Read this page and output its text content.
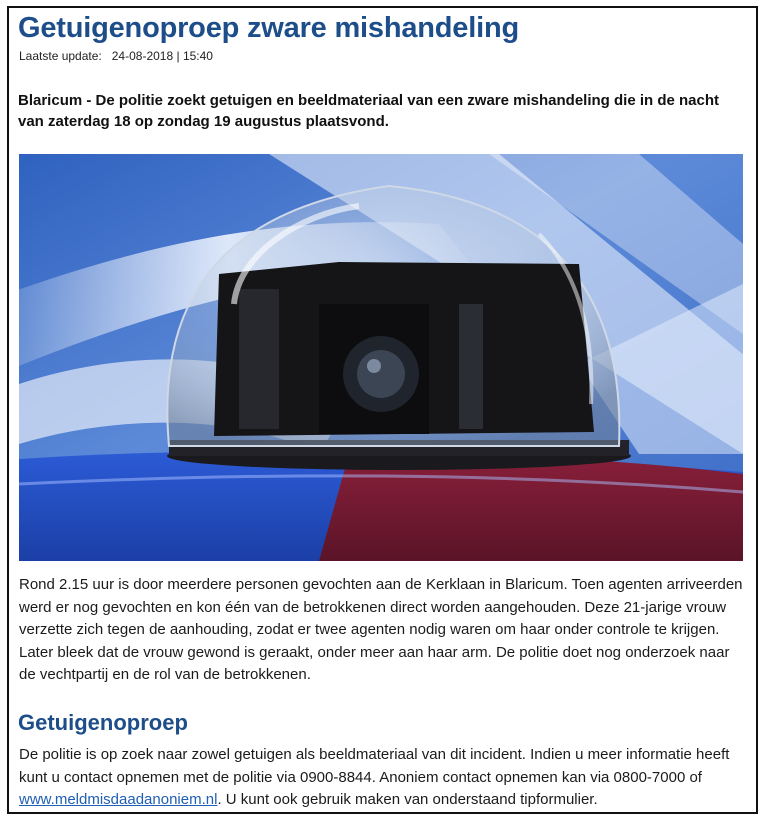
Getuigenoproep zware mishandeling
Laatste update: 24-08-2018 | 15:40

Blaricum - De politie zoekt getuigen en beeldmateriaal van een zware mishandeling die in de nacht van zaterdag 18 op zondag 19 augustus plaatsvond.

Rond 2.15 uur is door meerdere personen gevochten aan de Kerklaan in Blaricum. Toen agenten arriveerden werd er nog gevochten en kon één van de betrokkenen direct worden aangehouden. Deze 21-jarige vrouw verzette zich tegen de aanhouding, zodat er twee agenten nodig waren om haar onder controle te krijgen. Later bleek dat de vrouw gewond is geraakt, onder meer aan haar arm. De politie doet nog onderzoek naar de vechtpartij en de rol van de betrokkenen.

Getuigenoproep

De politie is op zoek naar zowel getuigen als beeldmateriaal van dit incident. Indien u meer informatie heeft kunt u contact opnemen met de politie via 0900-8844. Anoniem contact opnemen kan via 0800-7000 of www.meldmisdaadanoniem.nl. U kunt ook gebruik maken van onderstaand tipformulier.
